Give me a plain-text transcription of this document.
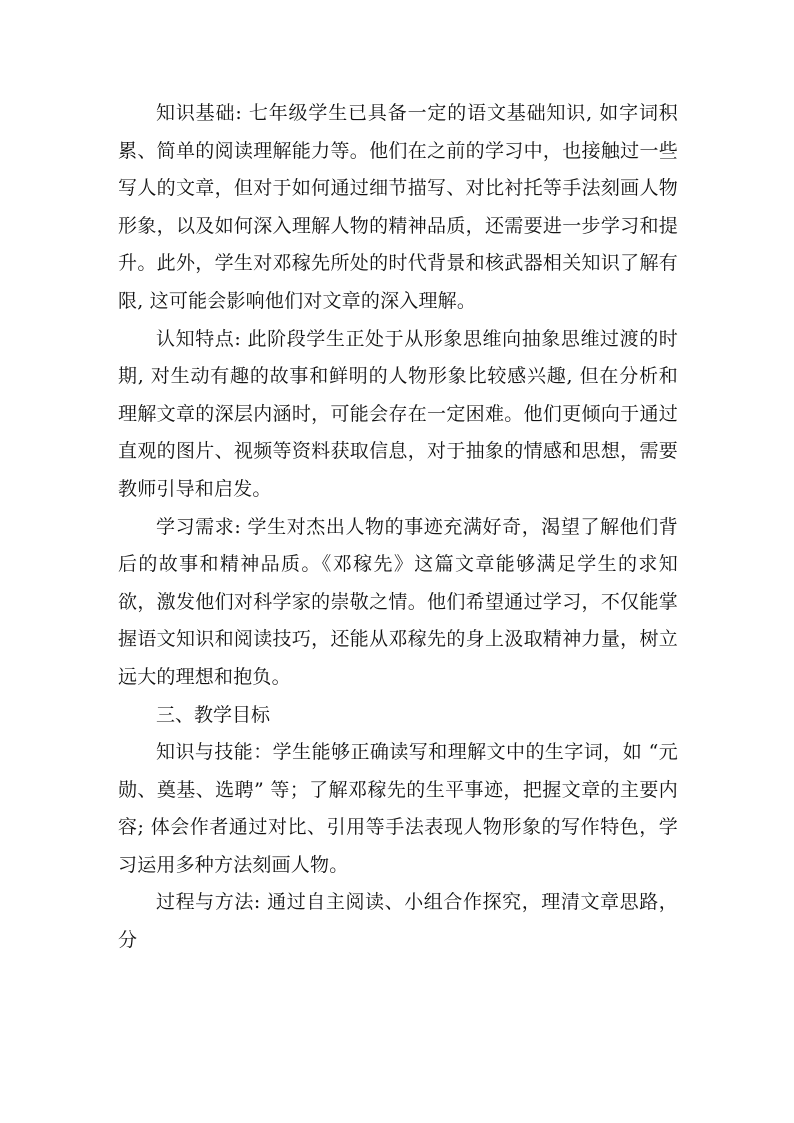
知识基础: 七年级学生已具备一定的语文基础知识, 如字词积累、简单的阅读理解能力等。他们在之前的学习中，也接触过一些写人的文章，但对于如何通过细节描写、对比衬托等手法刻画人物形象，以及如何深入理解人物的精神品质，还需要进一步学习和提升。此外，学生对邓稼先所处的时代背景和核武器相关知识了解有限, 这可能会影响他们对文章的深入理解。

认知特点: 此阶段学生正处于从形象思维向抽象思维过渡的时期, 对生动有趣的故事和鲜明的人物形象比较感兴趣, 但在分析和理解文章的深层内涵时，可能会存在一定困难。他们更倾向于通过直观的图片、视频等资料获取信息，对于抽象的情感和思想，需要教师引导和启发。

学习需求: 学生对杰出人物的事迹充满好奇，渴望了解他们背后的故事和精神品质。《邓稼先》这篇文章能够满足学生的求知欲，激发他们对科学家的崇敬之情。他们希望通过学习，不仅能掌握语文知识和阅读技巧，还能从邓稼先的身上汲取精神力量，树立远大的理想和抱负。

三、教学目标

知识与技能：学生能够正确读写和理解文中的生字词，如 “元勋、奠基、选聘” 等；了解邓稼先的生平事迹，把握文章的主要内容; 体会作者通过对比、引用等手法表现人物形象的写作特色，学习运用多种方法刻画人物。

过程与方法: 通过自主阅读、小组合作探究，理清文章思路，分
